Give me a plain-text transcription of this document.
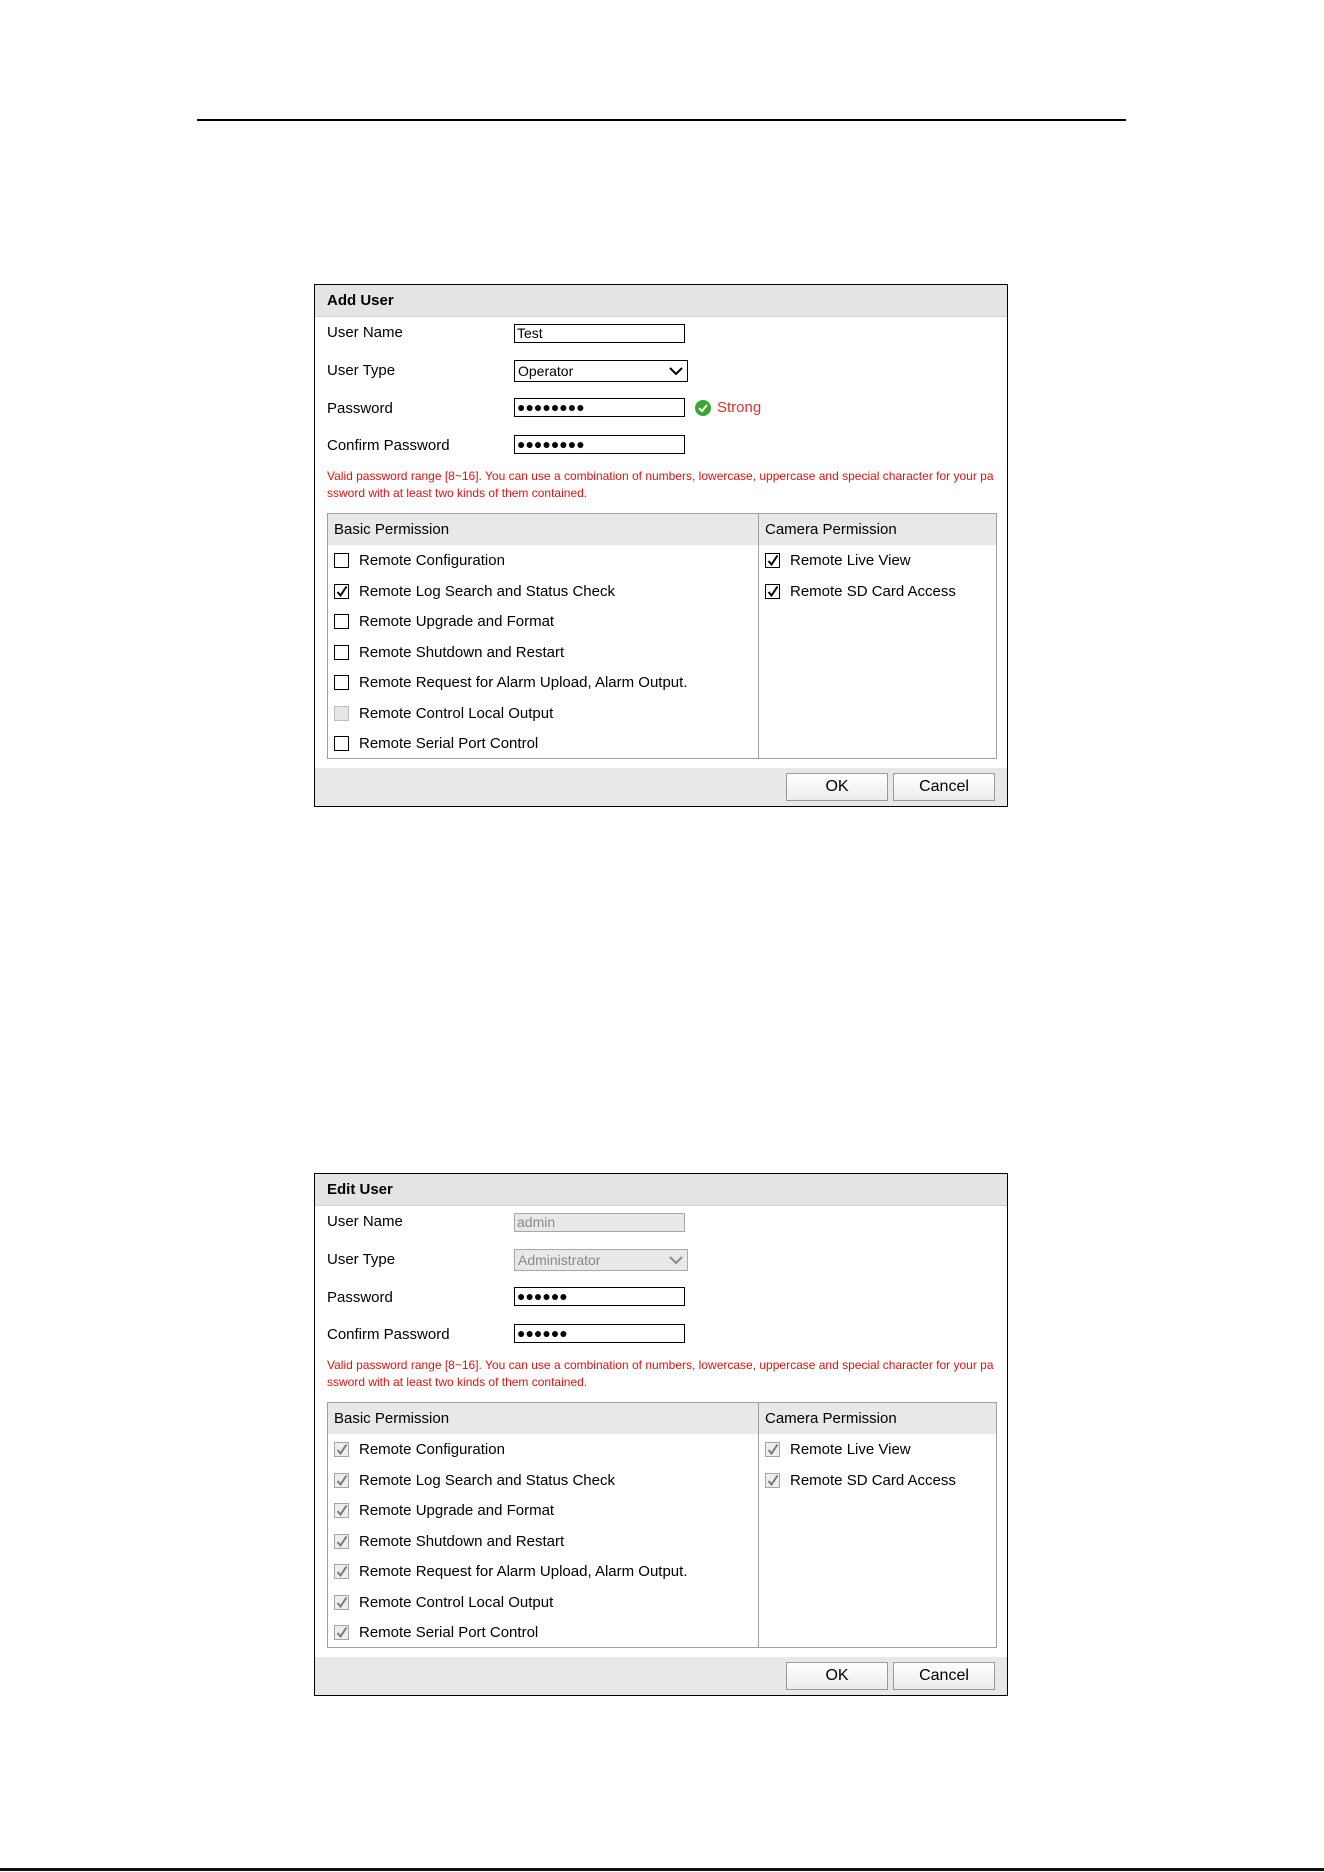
Add User
User Name	Test
User Type	Operator
Password	●●●●●●●●	Strong
Confirm Password	●●●●●●●●
Valid password range [8~16]. You can use a combination of numbers, lowercase, uppercase and special character for your pa
ssword with at least two kinds of them contained.
Basic Permission
Remote Configuration
Remote Log Search and Status Check
Remote Upgrade and Format
Remote Shutdown and Restart
Remote Request for Alarm Upload, Alarm Output.
Remote Control Local Output
Remote Serial Port Control
Camera Permission
Remote Live View
Remote SD Card Access
OK	Cancel
Edit User
User Name	admin
User Type	Administrator
Password	●●●●●●
Confirm Password	●●●●●●
Valid password range [8~16]. You can use a combination of numbers, lowercase, uppercase and special character for your pa
ssword with at least two kinds of them contained.
Basic Permission
Remote Configuration
Remote Log Search and Status Check
Remote Upgrade and Format
Remote Shutdown and Restart
Remote Request for Alarm Upload, Alarm Output.
Remote Control Local Output
Remote Serial Port Control
Camera Permission
Remote Live View
Remote SD Card Access
OK	Cancel
